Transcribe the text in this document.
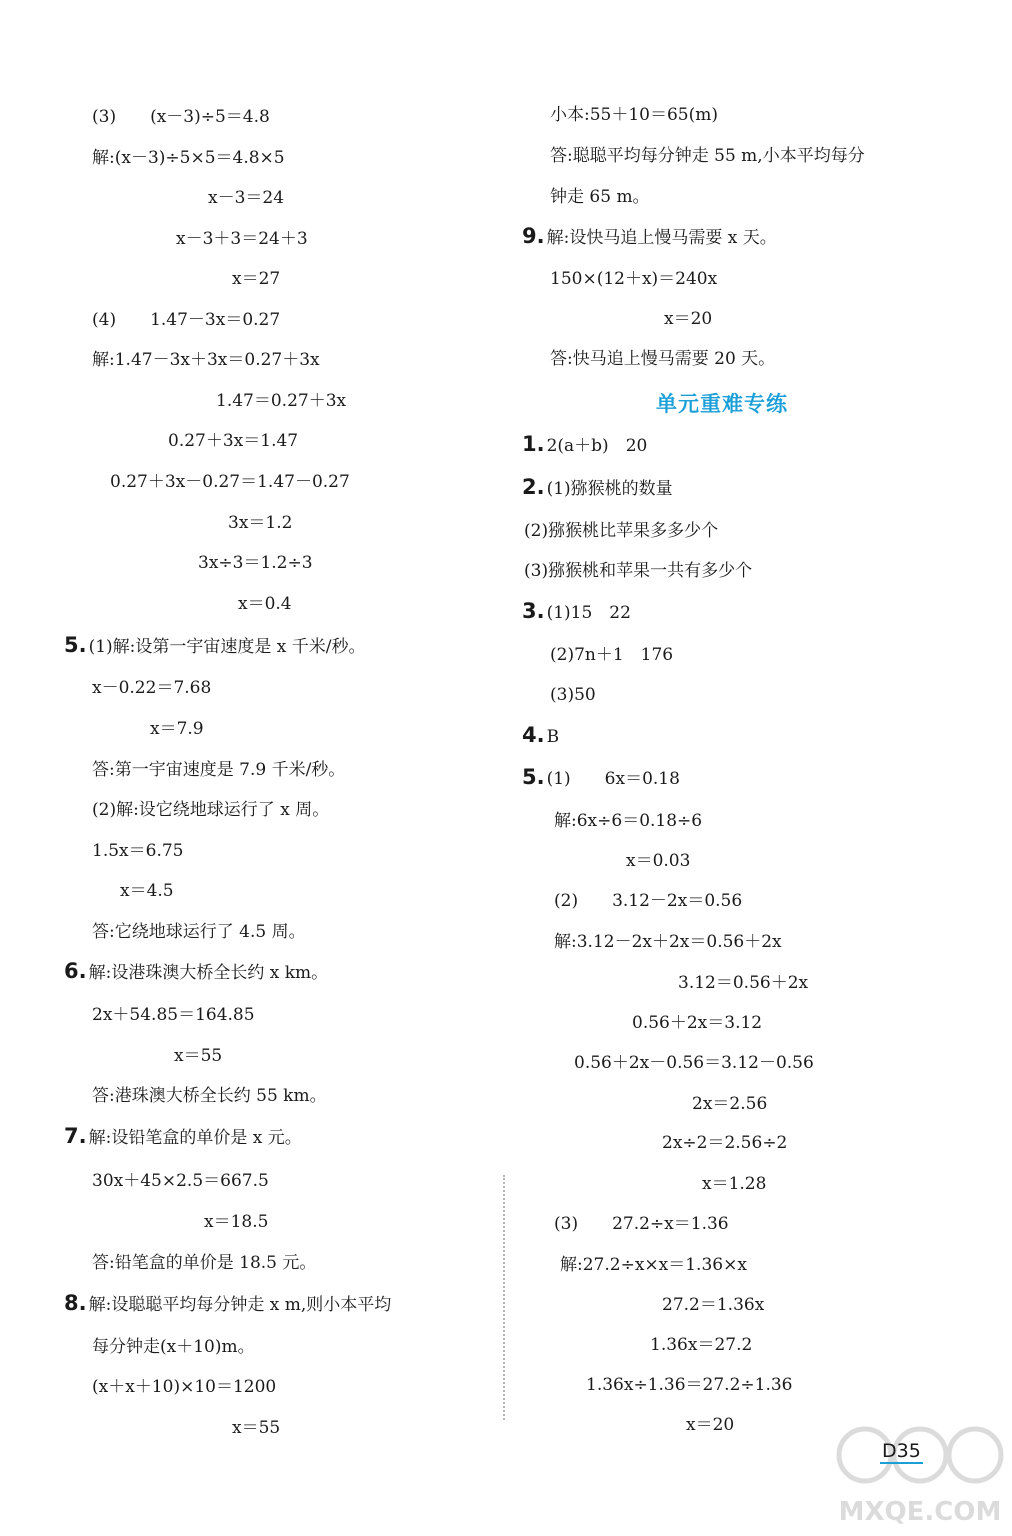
(3)　　(x－3)÷5＝4.8
解:(x－3)÷5×5＝4.8×5
x－3＝24
x－3＋3＝24＋3
x＝27
(4)　　1.47－3x＝0.27
解:1.47－3x＋3x＝0.27＋3x
1.47＝0.27＋3x
0.27＋3x＝1.47
0.27＋3x－0.27＝1.47－0.27
3x＝1.2
3x÷3＝1.2÷3
x＝0.4
5. (1)解:设第一宇宙速度是 x 千米/秒。
x－0.22＝7.68
x＝7.9
答:第一宇宙速度是 7.9 千米/秒。
(2)解:设它绕地球运行了 x 周。
1.5x＝6.75
x＝4.5
答:它绕地球运行了 4.5 周。
6. 解:设港珠澳大桥全长约 x km。
2x＋54.85＝164.85
x＝55
答:港珠澳大桥全长约 55 km。
7. 解:设铅笔盒的单价是 x 元。
30x＋45×2.5＝667.5
x＝18.5
答:铅笔盒的单价是 18.5 元。
8. 解:设聪聪平均每分钟走 x m,则小本平均
每分钟走(x＋10)m。
(x＋x＋10)×10＝1200
x＝55
小本:55＋10＝65(m)
答:聪聪平均每分钟走 55 m,小本平均每分
钟走 65 m。
9. 解:设快马追上慢马需要 x 天。
150×(12＋x)＝240x
x＝20
答:快马追上慢马需要 20 天。
单元重难专练
1. 2(a＋b)　20
2. (1)猕猴桃的数量
(2)猕猴桃比苹果多多少个
(3)猕猴桃和苹果一共有多少个
3. (1)15　22
(2)7n＋1　176
(3)50
4. B
5. (1)　　6x＝0.18
解:6x÷6＝0.18÷6
x＝0.03
(2)　　3.12－2x＝0.56
解:3.12－2x＋2x＝0.56＋2x
3.12＝0.56＋2x
0.56＋2x＝3.12
0.56＋2x－0.56＝3.12－0.56
2x＝2.56
2x÷2＝2.56÷2
x＝1.28
(3)　　27.2÷x＝1.36
解:27.2÷x×x＝1.36×x
27.2＝1.36x
1.36x＝27.2
1.36x÷1.36＝27.2÷1.36
x＝20
MXQE.COM
D35
